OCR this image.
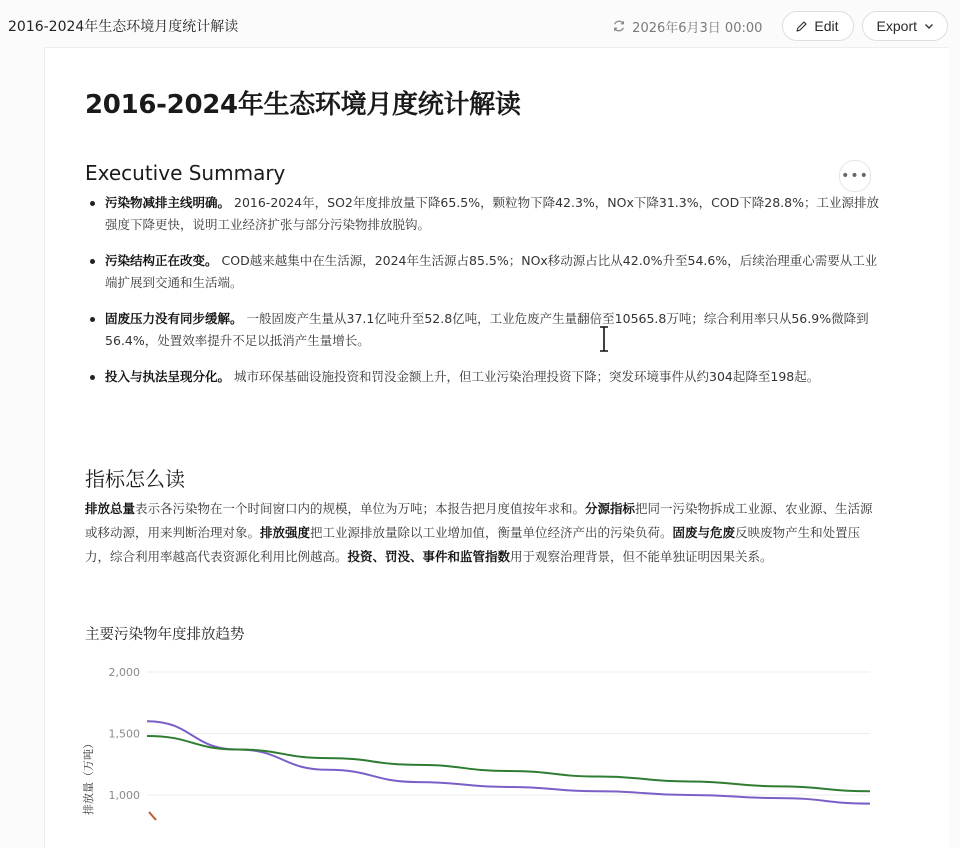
2016-2024年生态环境月度统计解读	2026年6月3日 00:00	Edit	Export
2016-2024年生态环境月度统计解读
Executive Summary	•••
污染物减排主线明确。 2016-2024年，SO2年度排放量下降65.5%，颗粒物下降42.3%，NOx下降31.3%，COD下降28.8%；工业源排放强度下降更快，说明工业经济扩张与部分污染物排放脱钩。
污染结构正在改变。 COD越来越集中在生活源，2024年生活源占85.5%；NOx移动源占比从42.0%升至54.6%，后续治理重心需要从工业端扩展到交通和生活端。
固废压力没有同步缓解。 一般固废产生量从37.1亿吨升至52.8亿吨，工业危废产生量翻倍至10565.8万吨；综合利用率只从56.9%微降到56.4%，处置效率提升不足以抵消产生量增长。
投入与执法呈现分化。 城市环保基础设施投资和罚没金额上升，但工业污染治理投资下降；突发环境事件从约304起降至198起。
指标怎么读

排放总量表示各污染物在一个时间窗口内的规模，单位为万吨；本报告把月度值按年求和。分源指标把同一污染物拆成工业源、农业源、生活源或移动源，用来判断治理对象。排放强度把工业源排放量除以工业增加值，衡量单位经济产出的污染负荷。固废与危废反映废物产生和处置压力，综合利用率越高代表资源化利用比例越高。投资、罚没、事件和监管指数用于观察治理背景，但不能单独证明因果关系。

主要污染物年度排放趋势
2,000
1,500
1,000
排放量（万吨）
